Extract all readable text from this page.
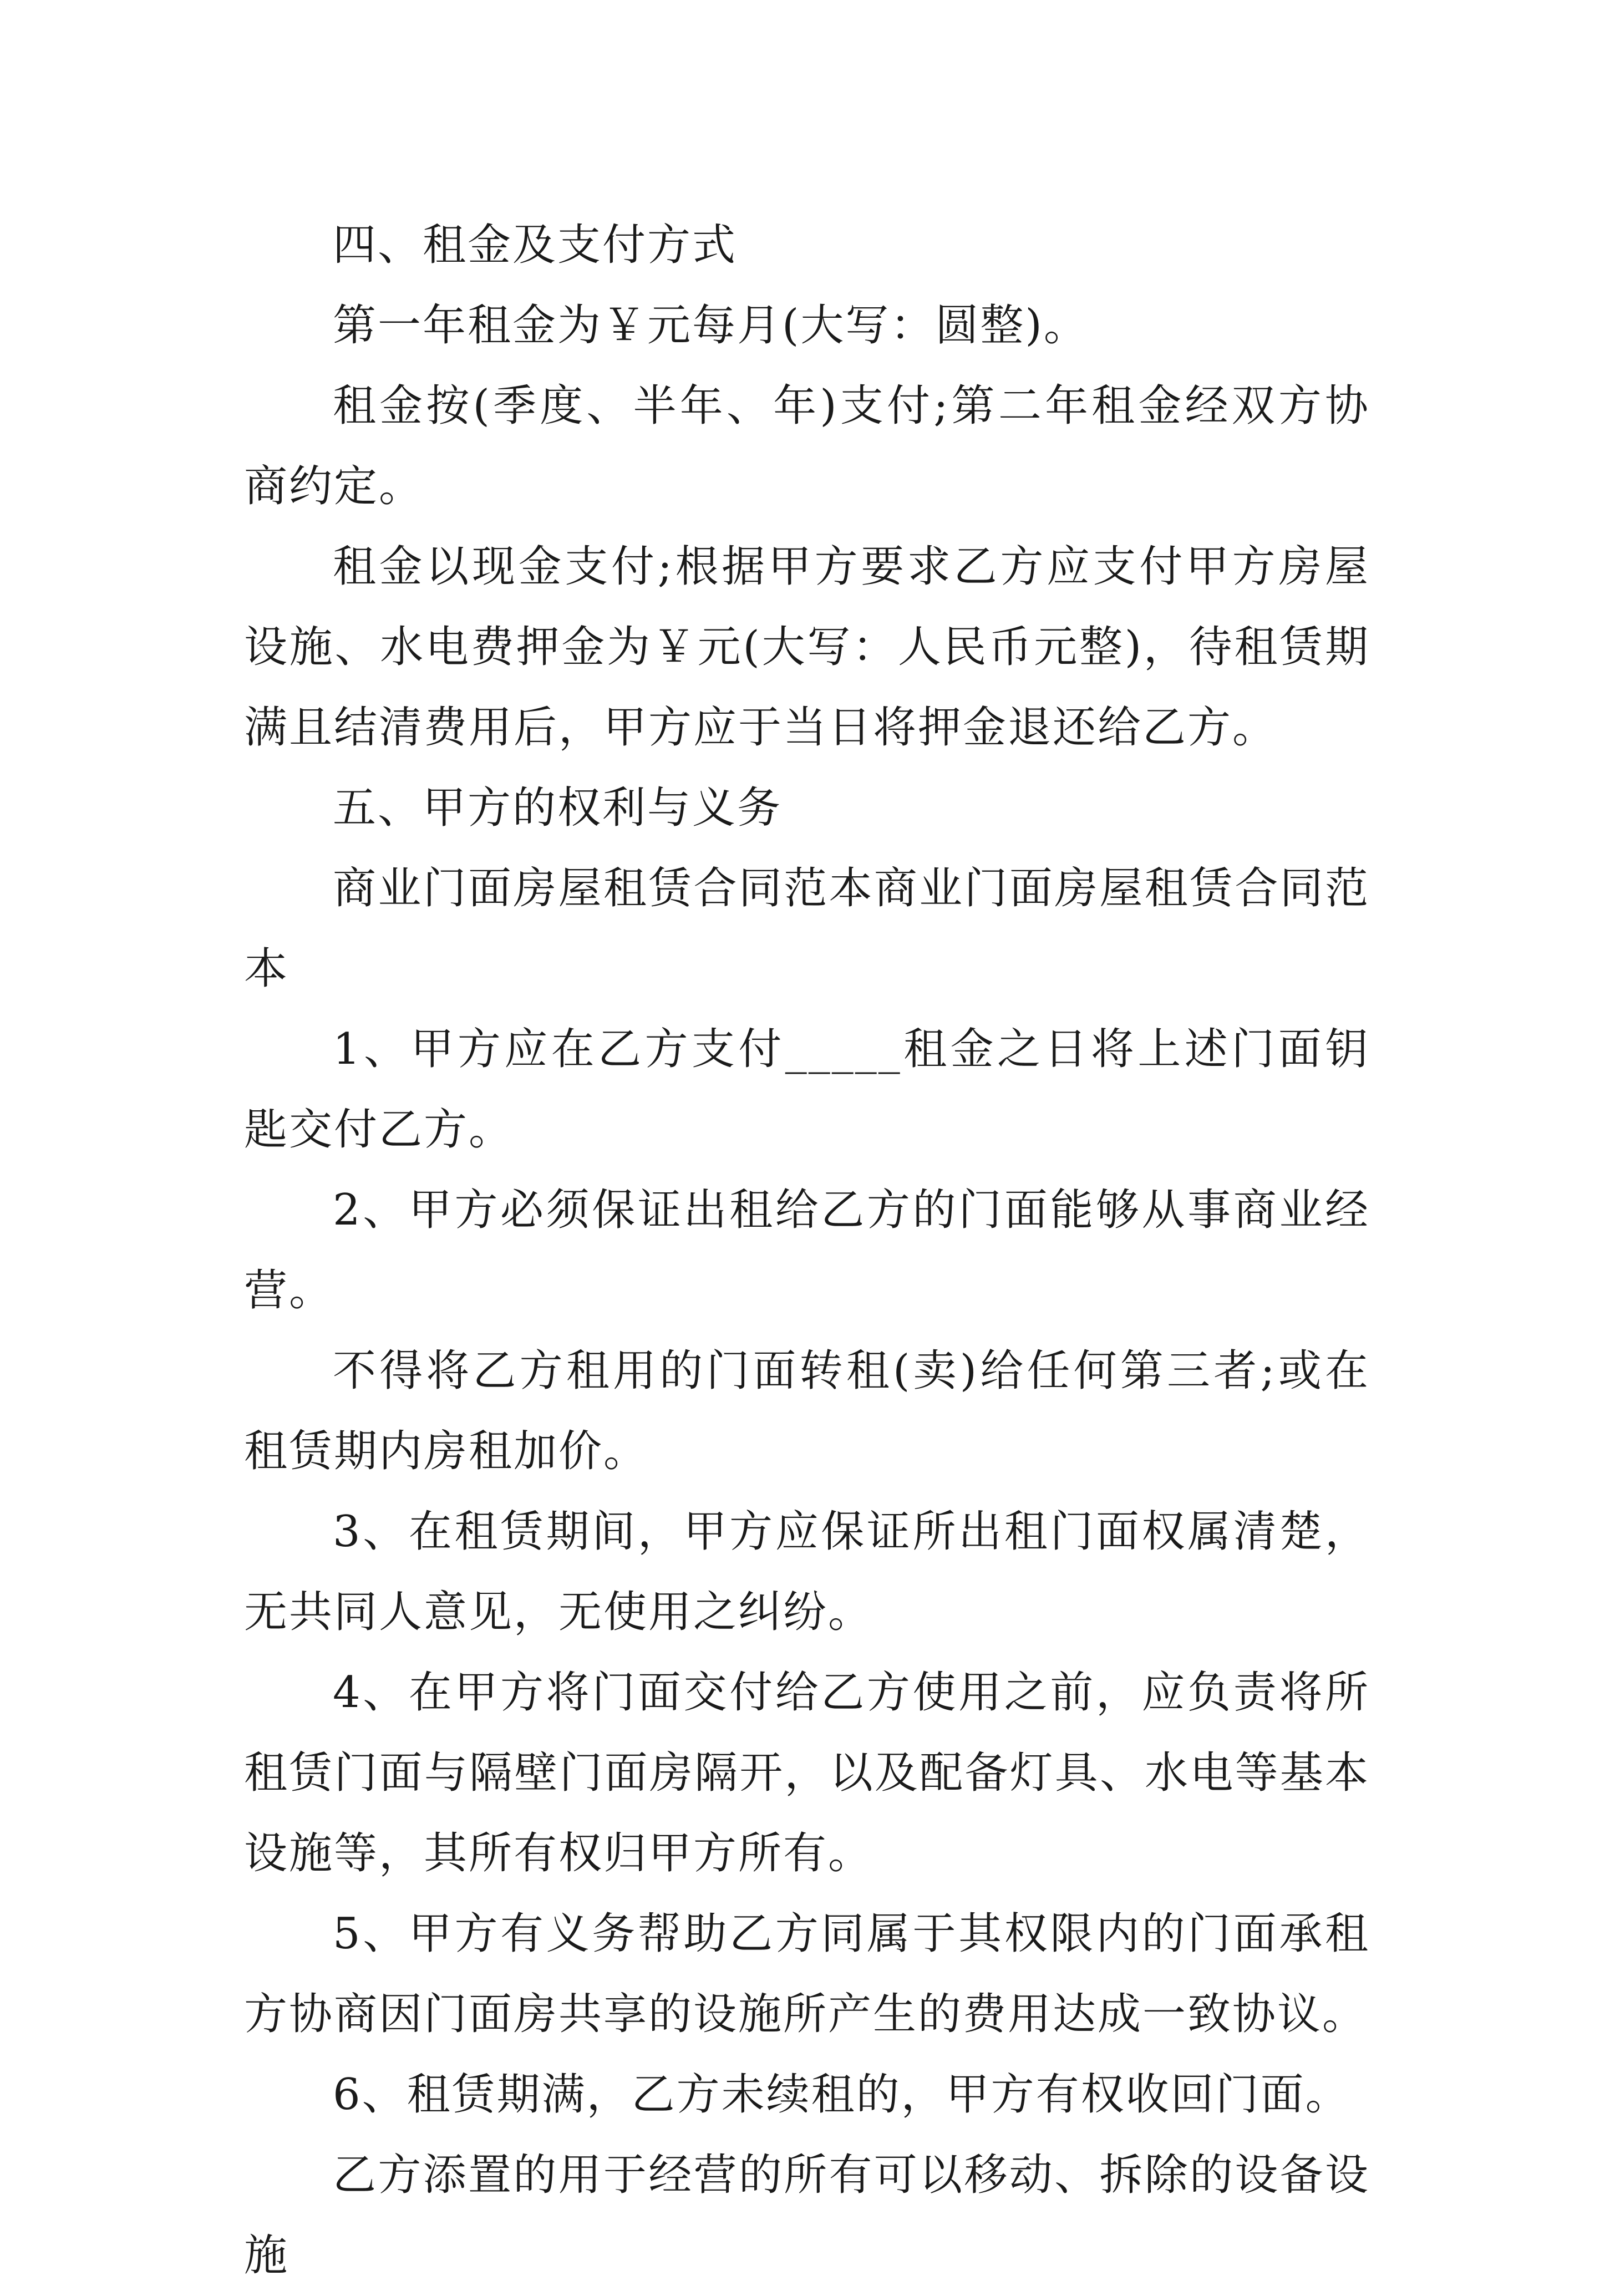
四、租金及支付方式

第一年租金为￥元每月(大写：圆整)。

租金按(季度、半年、年)支付;第二年租金经双方协商约定。

租金以现金支付;根据甲方要求乙方应支付甲方房屋设施、水电费押金为￥元(大写：人民币元整)，待租赁期满且结清费用后，甲方应于当日将押金退还给乙方。

五、甲方的权利与义务

商业门面房屋租赁合同范本商业门面房屋租赁合同范本

1、甲方应在乙方支付_____租金之日将上述门面钥匙交付乙方。

2、甲方必须保证出租给乙方的门面能够从事商业经营。

不得将乙方租用的门面转租(卖)给任何第三者;或在租赁期内房租加价。

3、在租赁期间，甲方应保证所出租门面权属清楚，无共同人意见，无使用之纠纷。

4、在甲方将门面交付给乙方使用之前，应负责将所租赁门面与隔壁门面房隔开，以及配备灯具、水电等基本设施等，其所有权归甲方所有。

5、甲方有义务帮助乙方同属于其权限内的门面承租方协商因门面房共享的设施所产生的费用达成一致协议。

6、租赁期满，乙方未续租的，甲方有权收回门面。

乙方添置的用于经营的所有可以移动、拆除的设备设施
